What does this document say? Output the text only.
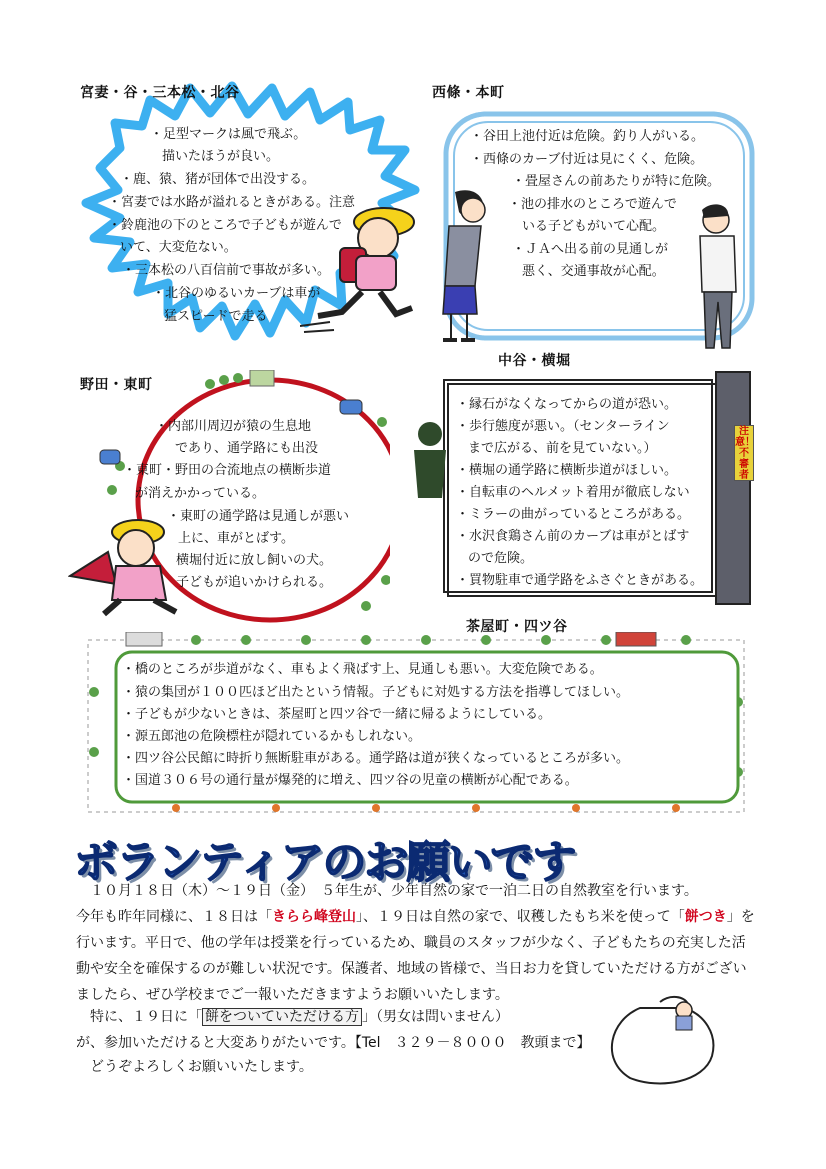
宮妻・谷・三本松・北谷
・足型マークは風で飛ぶ。
描いたほうが良い。
・鹿、猿、猪が団体で出没する。
・宮妻では水路が溢れるときがある。注意
・鈴鹿池の下のところで子どもが遊んで
いて、大変危ない。
・三本松の八百信前で事故が多い。
・北谷のゆるいカーブは車が
猛スピードで走る
西條・本町
・谷田上池付近は危険。釣り人がいる。
・西條のカーブ付近は見にくく、危険。
・畳屋さんの前あたりが特に危険。
・池の排水のところで遊んで
いる子どもがいて心配。
・ＪＡへ出る前の見通しが
悪く、交通事故が心配。
野田・東町
・内部川周辺が猿の生息地
であり、通学路にも出没
・東町・野田の合流地点の横断歩道
が消えかかっている。
・東町の通学路は見通しが悪い
上に、車がとばす。
横堀付近に放し飼いの犬。
子どもが追いかけられる。
中谷・横堀
注意！不審者
・縁石がなくなってからの道が恐い。
・歩行態度が悪い。（センターライン
まで広がる、前を見ていない。）
・横堀の通学路に横断歩道がほしい。
・自転車のヘルメット着用が徹底しない
・ミラーの曲がっているところがある。
・水沢食鶏さん前のカーブは車がとばす
ので危険。
・買物駐車で通学路をふさぐときがある。
茶屋町・四ツ谷
・橋のところが歩道がなく、車もよく飛ばす上、見通しも悪い。大変危険である。
・猿の集団が１００匹ほど出たという情報。子どもに対処する方法を指導してほしい。
・子どもが少ないときは、茶屋町と四ツ谷で一緒に帰るようにしている。
・源五郎池の危険標柱が隠れているかもしれない。
・四ツ谷公民館に時折り無断駐車がある。通学路は道が狭くなっているところが多い。
・国道３０６号の通行量が爆発的に増え、四ツ谷の児童の横断が心配である。
ボランティアのお願いです
　１０月１８日（木）～１９日（金）　５年生が、少年自然の家で一泊二日の自然教室を行います。
今年も昨年同様に、１８日は「きらら峰登山」、１９日は自然の家で、収穫したもち米を使って「餅つき」を
行います。平日で、他の学年は授業を行っているため、職員のスタッフが少なく、子どもたちの充実した活
動や安全を確保するのが難しい状況です。保護者、地域の皆様で、当日お力を貸していただける方がござい
ましたら、ぜひ学校までご一報いただきますようお願いいたします。
　特に、１９日に「 餅をついていただける方 」（男女は問いません）
が、参加いただけると大変ありがたいです。【Tel　３２９－８０００　教頭まで】
　どうぞよろしくお願いいたします。
